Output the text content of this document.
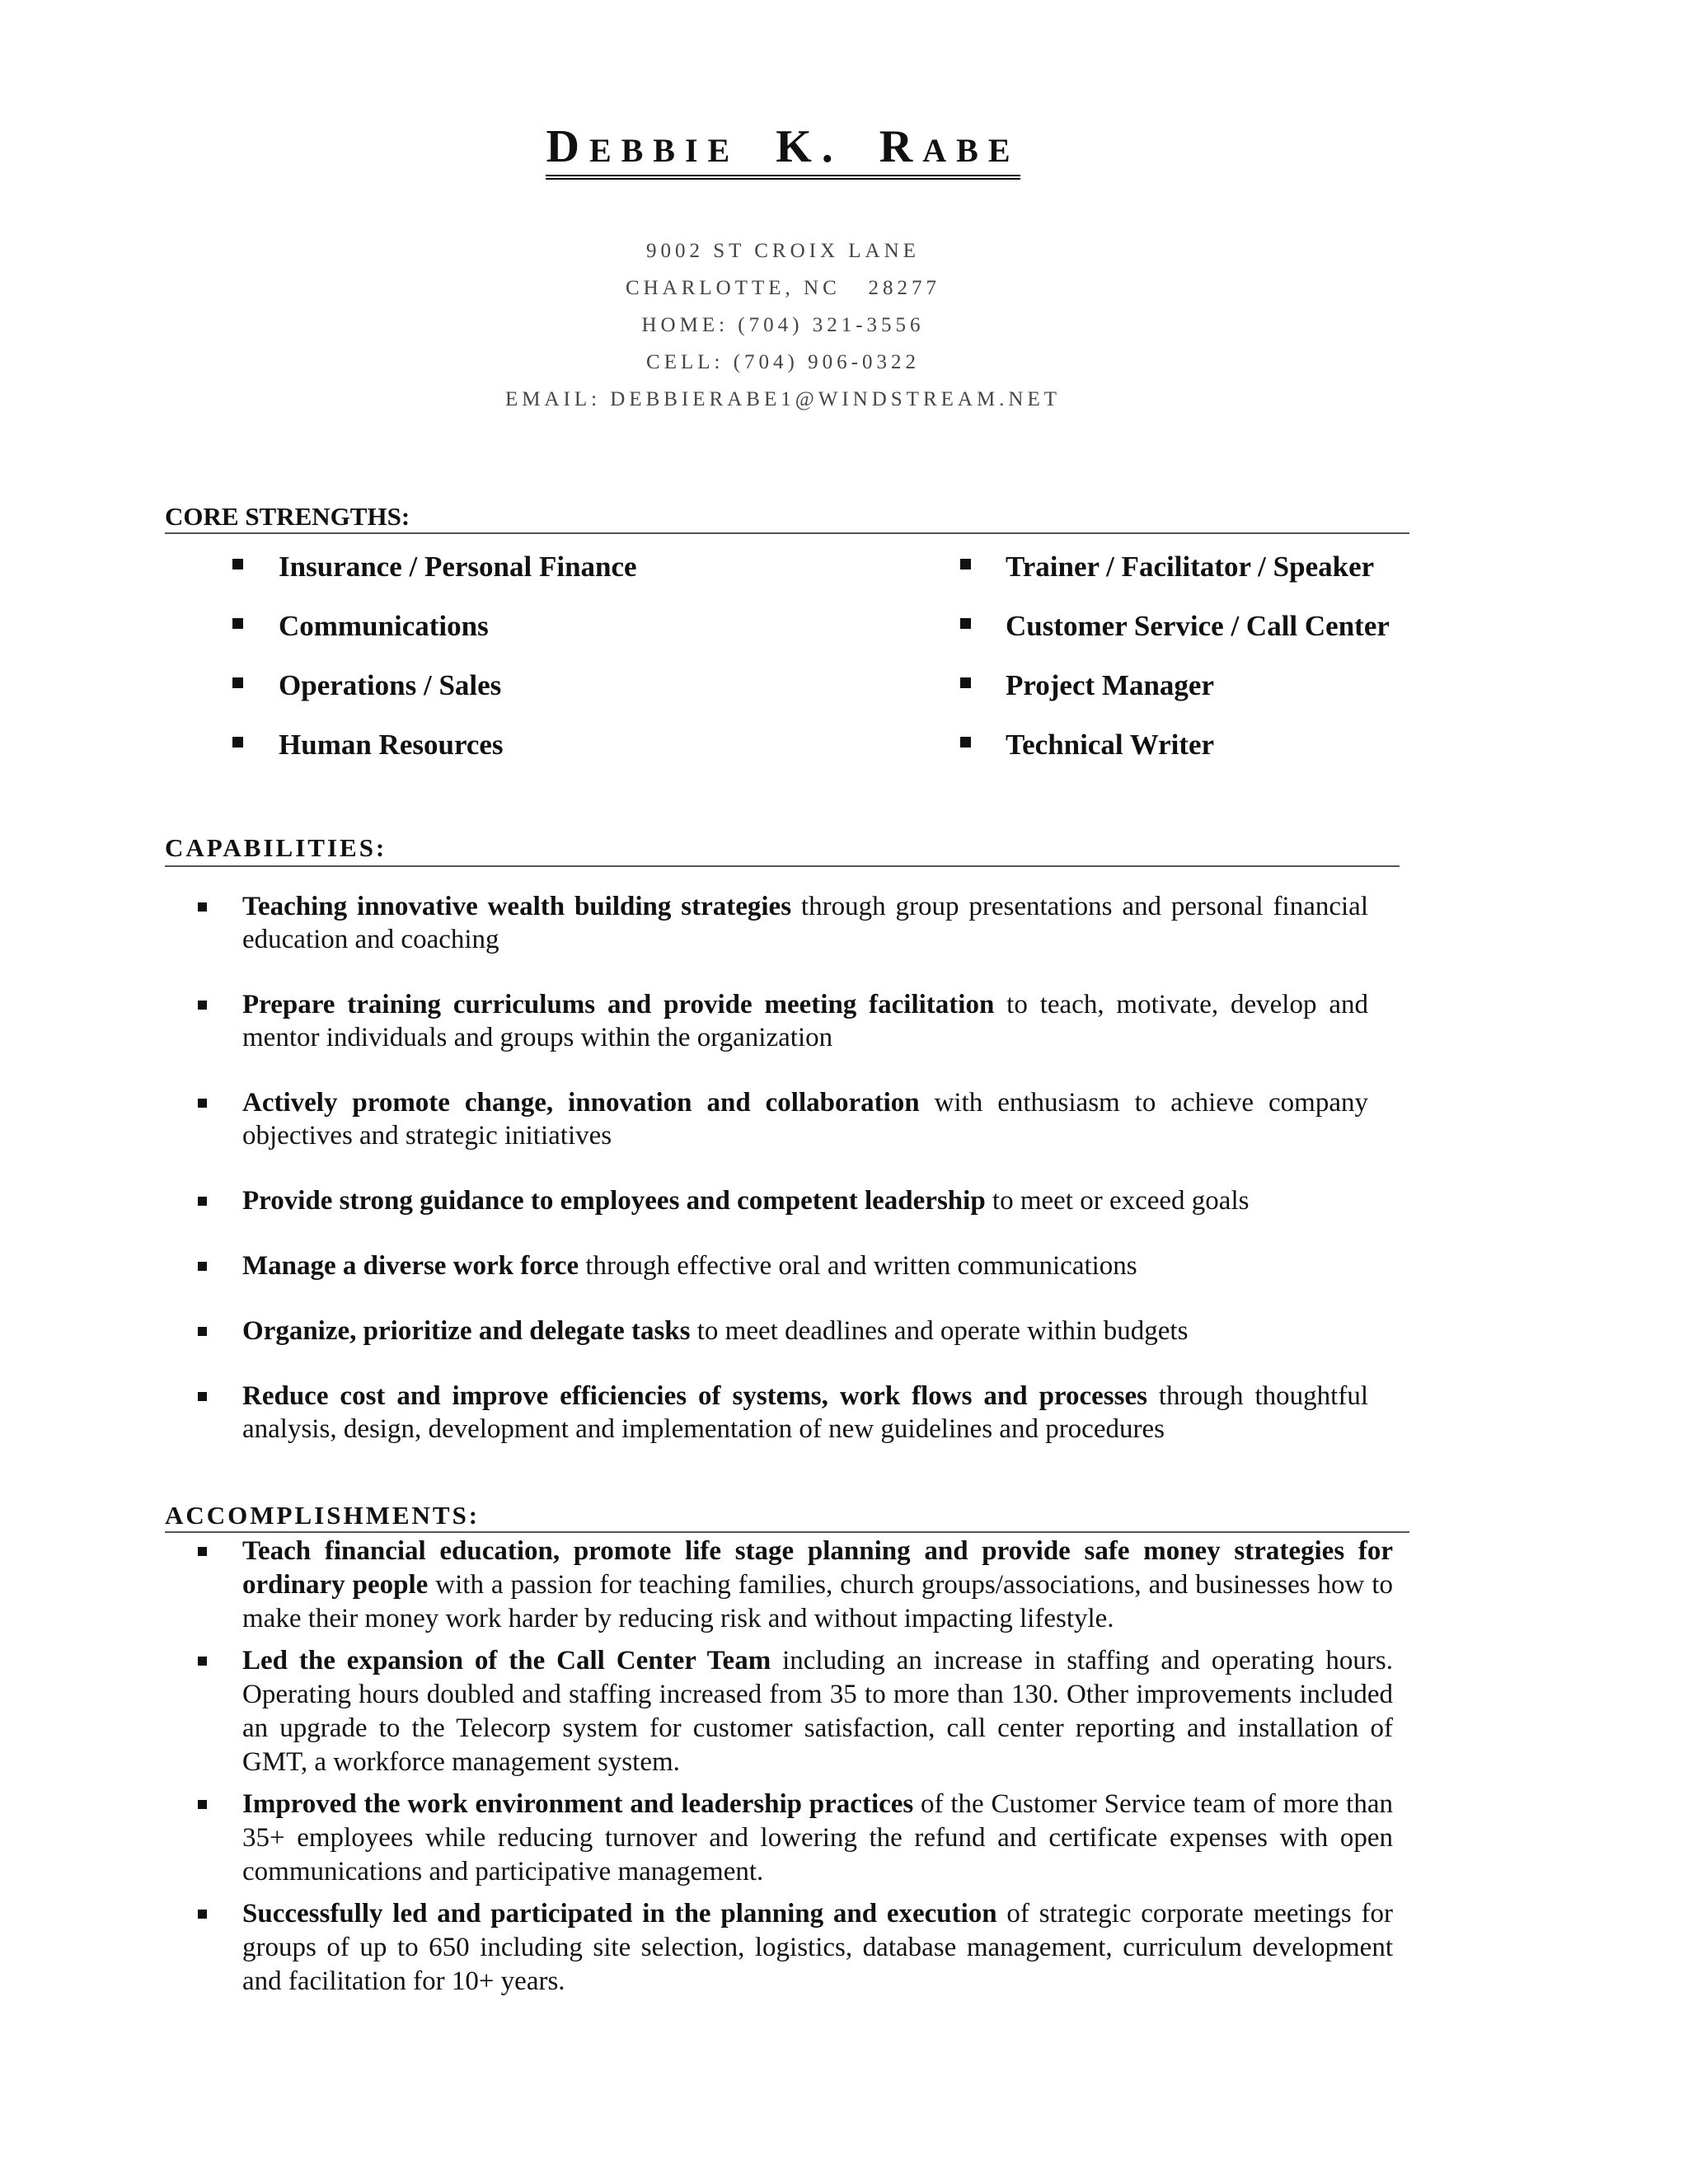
DEBBIE K. RABE
9002 ST CROIX LANE
CHARLOTTE, NC   28277
HOME: (704) 321-3556
CELL: (704) 906-0322
EMAIL: DEBBIERABE1@WINDSTREAM.NET
CORE STRENGTHS:
Insurance / Personal Finance
Communications
Operations / Sales
Human Resources
Trainer / Facilitator / Speaker
Customer Service / Call Center
Project Manager
Technical Writer
CAPABILITIES:
Teaching innovative wealth building strategies through group presentations and personal financial education and coaching
Prepare training curriculums and provide meeting facilitation to teach, motivate, develop and mentor individuals and groups within the organization
Actively promote change, innovation and collaboration with enthusiasm to achieve company objectives and strategic initiatives
Provide strong guidance to employees and competent leadership to meet or exceed goals
Manage a diverse work force through effective oral and written communications
Organize, prioritize and delegate tasks to meet deadlines and operate within budgets
Reduce cost and improve efficiencies of systems, work flows and processes through thoughtful analysis, design, development and implementation of new guidelines and procedures
ACCOMPLISHMENTS:
Teach financial education, promote life stage planning and provide safe money strategies for ordinary people with a passion for teaching families, church groups/associations, and businesses how to make their money work harder by reducing risk and without impacting lifestyle.
Led the expansion of the Call Center Team including an increase in staffing and operating hours. Operating hours doubled and staffing increased from 35 to more than 130. Other improvements included an upgrade to the Telecorp system for customer satisfaction, call center reporting and installation of GMT, a workforce management system.
Improved the work environment and leadership practices of the Customer Service team of more than 35+ employees while reducing turnover and lowering the refund and certificate expenses with open communications and participative management.
Successfully led and participated in the planning and execution of strategic corporate meetings for groups of up to 650 including site selection, logistics, database management, curriculum development and facilitation for 10+ years.
